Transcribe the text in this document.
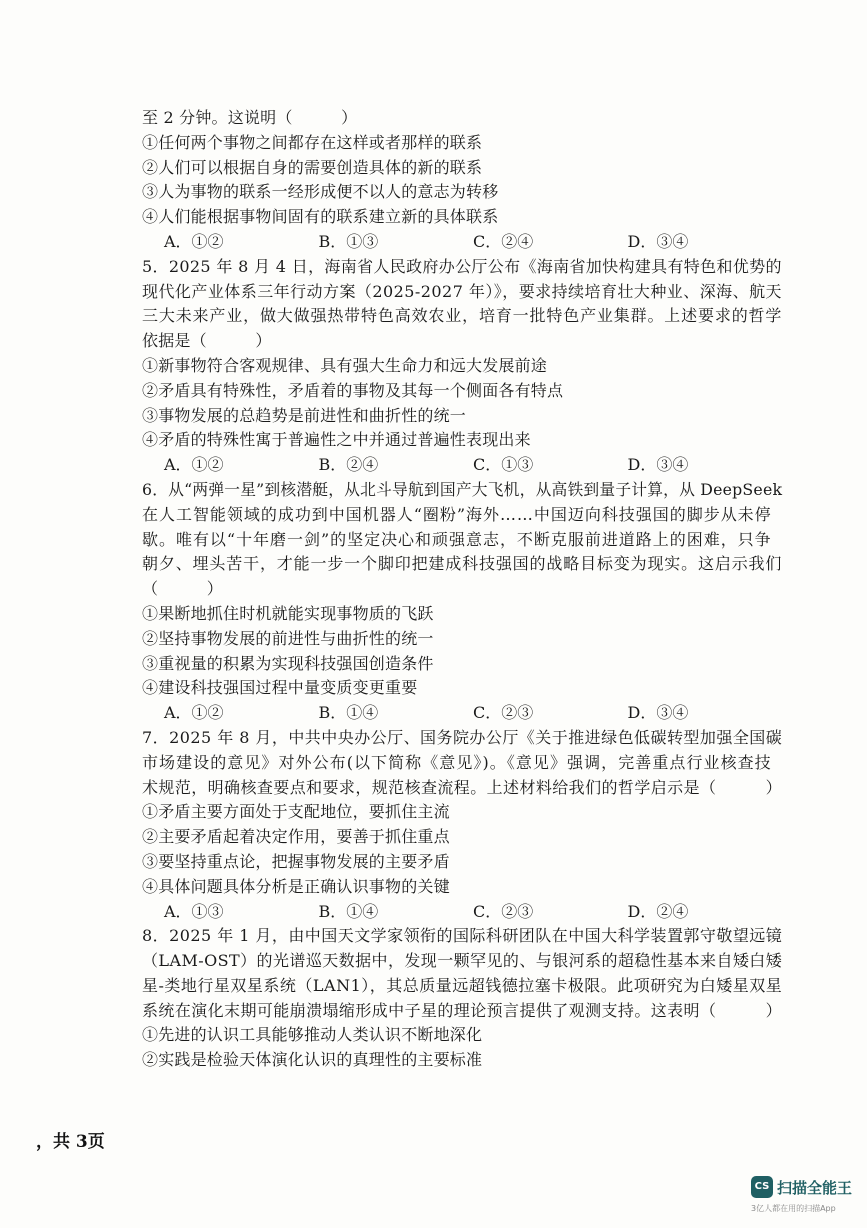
至 2 分钟。这说明（　　　）
①任何两个事物之间都存在这样或者那样的联系
②人们可以根据自身的需要创造具体的新的联系
③人为事物的联系一经形成便不以人的意志为转移
④人们能根据事物间固有的联系建立新的具体联系
A．①②	B．①③	C．②④	D．③④
5．2025 年 8 月 4 日，海南省人民政府办公厅公布《海南省加快构建具有特色和优势的
现代化产业体系三年行动方案（2025-2027 年）》，要求持续培育壮大种业、深海、航天
三大未来产业，做大做强热带特色高效农业，培育一批特色产业集群。上述要求的哲学
依据是（　　　）
①新事物符合客观规律、具有强大生命力和远大发展前途
②矛盾具有特殊性，矛盾着的事物及其每一个侧面各有特点
③事物发展的总趋势是前进性和曲折性的统一
④矛盾的特殊性寓于普遍性之中并通过普遍性表现出来
A．①②	B．②④	C．①③	D．③④
6．从“两弹一星”到核潜艇，从北斗导航到国产大飞机，从高铁到量子计算，从 DeepSeek
在人工智能领域的成功到中国机器人“圈粉”海外……中国迈向科技强国的脚步从未停
歇。唯有以“十年磨一剑”的坚定决心和顽强意志，不断克服前进道路上的困难，只争
朝夕、埋头苦干，才能一步一个脚印把建成科技强国的战略目标变为现实。这启示我们
（　　　）
①果断地抓住时机就能实现事物质的飞跃
②坚持事物发展的前进性与曲折性的统一
③重视量的积累为实现科技强国创造条件
④建设科技强国过程中量变质变更重要
A．①②	B．①④	C．②③	D．③④
7．2025 年 8 月，中共中央办公厅、国务院办公厅《关于推进绿色低碳转型加强全国碳
市场建设的意见》对外公布(以下简称《意见》)。《意见》强调，完善重点行业核查技
术规范，明确核查要点和要求，规范核查流程。上述材料给我们的哲学启示是（　　　）
①矛盾主要方面处于支配地位，要抓住主流
②主要矛盾起着决定作用，要善于抓住重点
③要坚持重点论，把握事物发展的主要矛盾
④具体问题具体分析是正确认识事物的关键
A．①③	B．①④	C．②③	D．②④
8．2025 年 1 月，由中国天文学家领衔的国际科研团队在中国大科学装置郭守敬望远镜
（LAM-OST）的光谱巡天数据中，发现一颗罕见的、与银河系的超稳性基本来自矮白矮
星-类地行星双星系统（LAN1），其总质量远超钱德拉塞卡极限。此项研究为白矮星双星
系统在演化末期可能崩溃塌缩形成中子星的理论预言提供了观测支持。这表明（　　　）
①先进的认识工具能够推动人类认识不断地深化
②实践是检验天体演化认识的真理性的主要标准
，共 3页
CS 扫描全能王
3亿人都在用的扫描App
